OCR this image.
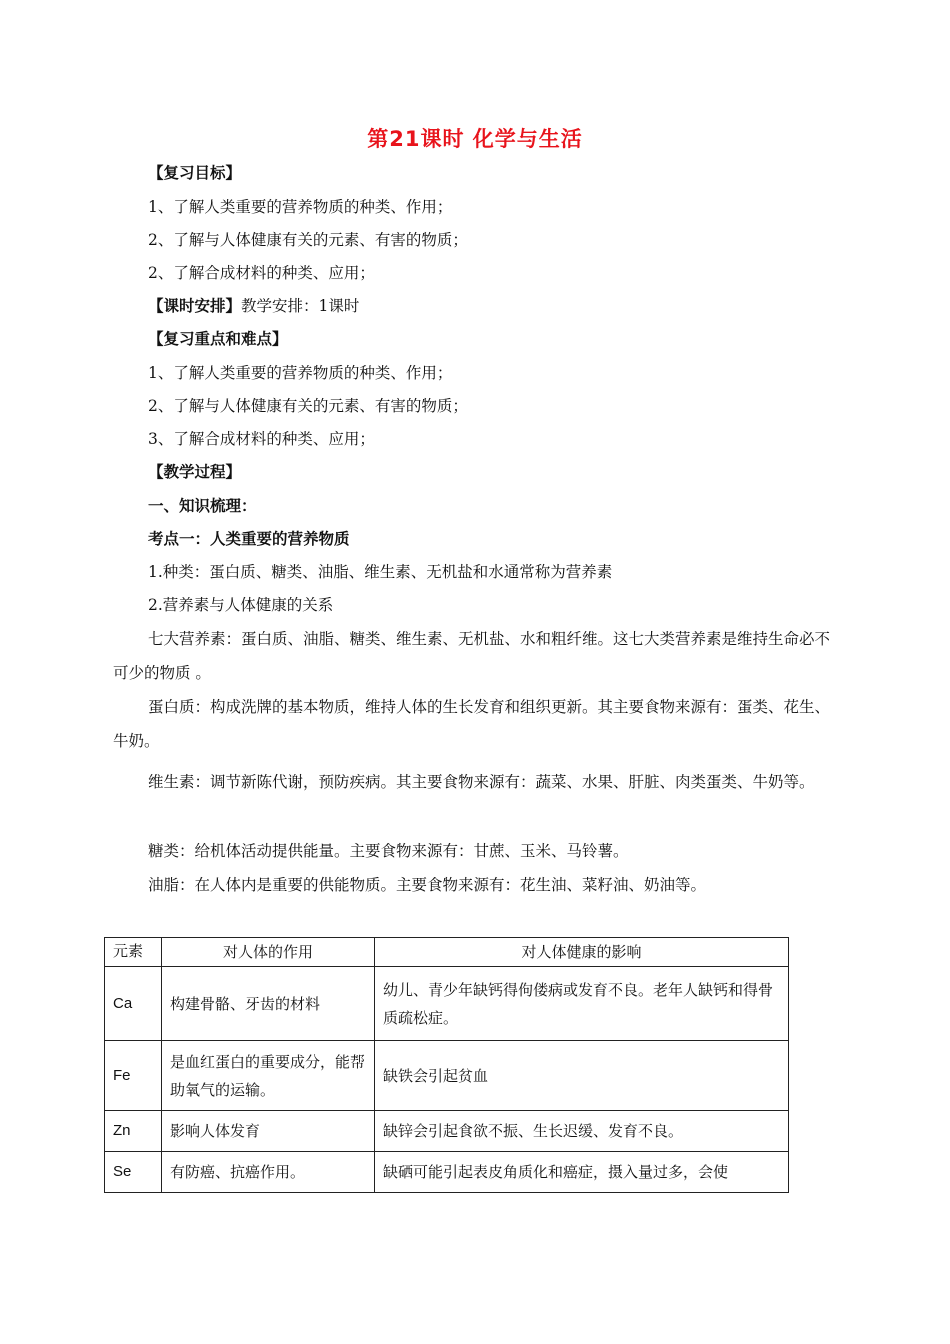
第21课时 化学与生活
【复习目标】
1、了解人类重要的营养物质的种类、作用；
2、了解与人体健康有关的元素、有害的物质；
2、了解合成材料的种类、应用；
【课时安排】教学安排：1课时
【复习重点和难点】
1、了解人类重要的营养物质的种类、作用；
2、了解与人体健康有关的元素、有害的物质；
3、了解合成材料的种类、应用；
【教学过程】
一、知识梳理：
考点一：人类重要的营养物质
1.种类：蛋白质、糖类、油脂、维生素、无机盐和水通常称为营养素
2.营养素与人体健康的关系
七大营养素：蛋白质、油脂、糖类、维生素、无机盐、水和粗纤维。这七大类营养素是维持生命必不可少的物质 。
蛋白质：构成洗牌的基本物质，维持人体的生长发育和组织更新。其主要食物来源有：蛋类、花生、牛奶。
维生素：调节新陈代谢，预防疾病。其主要食物来源有：蔬菜、水果、肝脏、肉类蛋类、牛奶等。
糖类：给机体活动提供能量。主要食物来源有：甘蔗、玉米、马铃薯。
油脂：在人体内是重要的供能物质。主要食物来源有：花生油、菜籽油、奶油等。
元素	对人体的作用	对人体健康的影响
Ca	构建骨骼、牙齿的材料	幼儿、青少年缺钙得佝偻病或发育不良。老年人缺钙和得骨质疏松症。
Fe	是血红蛋白的重要成分，能帮助氧气的运输。	缺铁会引起贫血
Zn	影响人体发育	缺锌会引起食欲不振、生长迟缓、发育不良。
Se	有防癌、抗癌作用。	缺硒可能引起表皮角质化和癌症，摄入量过多，会使
